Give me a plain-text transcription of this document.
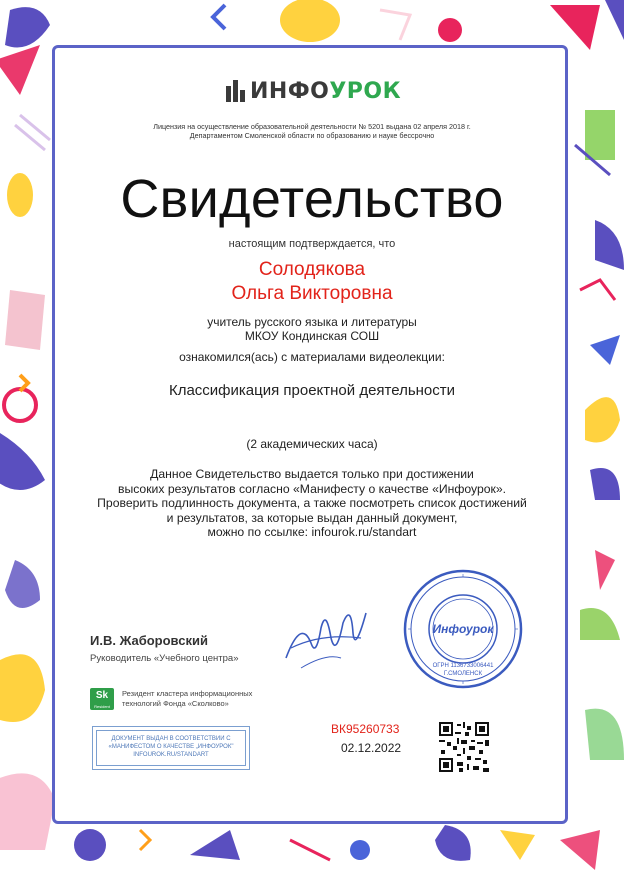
ИНФОУРОК
Лицензия на осуществление образовательной деятельности № 5201 выдана 02 апреля 2018 г.
Департаментом Смоленской области по образованию и науке бессрочно
Свидетельство
настоящим подтверждается, что
Солодякова
Ольга Викторовна
учитель русского языка и литературы
МКОУ Кондинская СОШ
ознакомился(ась) с материалами видеолекции:
Классификация проектной деятельности
(2 академических часа)
Данное Свидетельство выдается только при достижении
высоких результатов согласно «Манифесту о качестве «Инфоурок».
Проверить подлинность документа, а также посмотреть список достижений
и результатов, за которые выдан данный документ,
можно по ссылке: infourok.ru/standart
Инфоурок
ОГРН 1136733006441
Г.СМОЛЕНСК
И.В. Жаборовский
Руководитель «Учебного центра»
Sk
Resident
Резидент кластера информационных
технологий Фонда «Сколково»
ДОКУМЕНТ ВЫДАН В СООТВЕТСТВИИ С
«МАНИФЕСТОМ О КАЧЕСТВЕ „ИНФОУРОК"
INFOUROK.RU/STANDART
ВК95260733
02.12.2022
